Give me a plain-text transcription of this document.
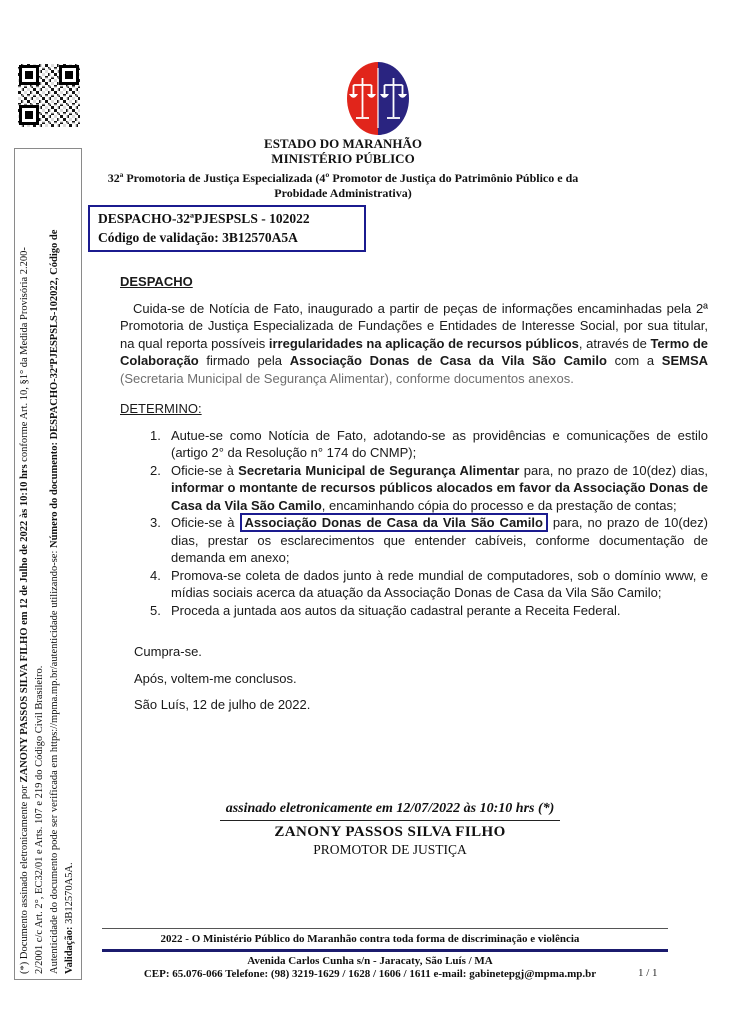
ESTADO DO MARANHÃO
MINISTÉRIO PÚBLICO
32ª Promotoria de Justiça Especializada (4º Promotor de Justiça do Patrimônio Público e da
Probidade Administrativa)
DESPACHO-32ªPJESPSLS - 102022
Código de validação: 3B12570A5A
DESPACHO

Cuida-se de Notícia de Fato, inaugurado a partir de peças de informações encaminhadas pela 2ª Promotoria de Justiça Especializada de Fundações e Entidades de Interesse Social, por sua titular, na qual reporta possíveis irregularidades na aplicação de recursos públicos, através de Termo de Colaboração firmado pela Associação Donas de Casa da Vila São Camilo com a SEMSA (Secretaria Municipal de Segurança Alimentar), conforme documentos anexos.

DETERMINO:
1. Autue-se como Notícia de Fato, adotando-se as providências e comunicações de estilo (artigo 2° da Resolução n° 174 do CNMP);
2. Oficie-se à Secretaria Municipal de Segurança Alimentar para, no prazo de 10(dez) dias, informar o montante de recursos públicos alocados em favor da Associação Donas de Casa da Vila São Camilo, encaminhando cópia do processo e da prestação de contas;
3. Oficie-se à Associação Donas de Casa da Vila São Camilo para, no prazo de 10(dez) dias, prestar os esclarecimentos que entender cabíveis, conforme documentação de demanda em anexo;
4. Promova-se coleta de dados junto à rede mundial de computadores, sob o domínio www, e mídias sociais acerca da atuação da Associação Donas de Casa da Vila São Camilo;
5. Proceda a juntada aos autos da situação cadastral perante a Receita Federal.

Cumpra-se.

Após, voltem-me conclusos.

São Luís, 12 de julho de 2022.

assinado eletronicamente em 12/07/2022 às 10:10 hrs (*)
ZANONY PASSOS SILVA FILHO
PROMOTOR DE JUSTIÇA
2022 - O Ministério Público do Maranhão contra toda forma de discriminação e violência
Avenida Carlos Cunha s/n - Jaracaty, São Luís / MA
CEP: 65.076-066 Telefone: (98) 3219-1629 / 1628 / 1606 / 1611 e-mail: gabinetepgj@mpma.mp.br	1 / 1
(*) Documento assinado eletronicamente por ZANONY PASSOS SILVA FILHO em 12 de Julho de 2022 às 10:10 hrs conforme Art. 10, §1° da Medida Provisória 2.200-
2/2001 c/c Art. 2°, EC32/01 e Arts. 107 e 219 do Código Civil Brasileiro. Autenticidade do documento pode ser verificada em https://mpma.mp.br/autenticidade utilizando-se: Número do documento: DESPACHO-32ªPJESPSLS-102022, Código de
Validação: 3B12570A5A.
